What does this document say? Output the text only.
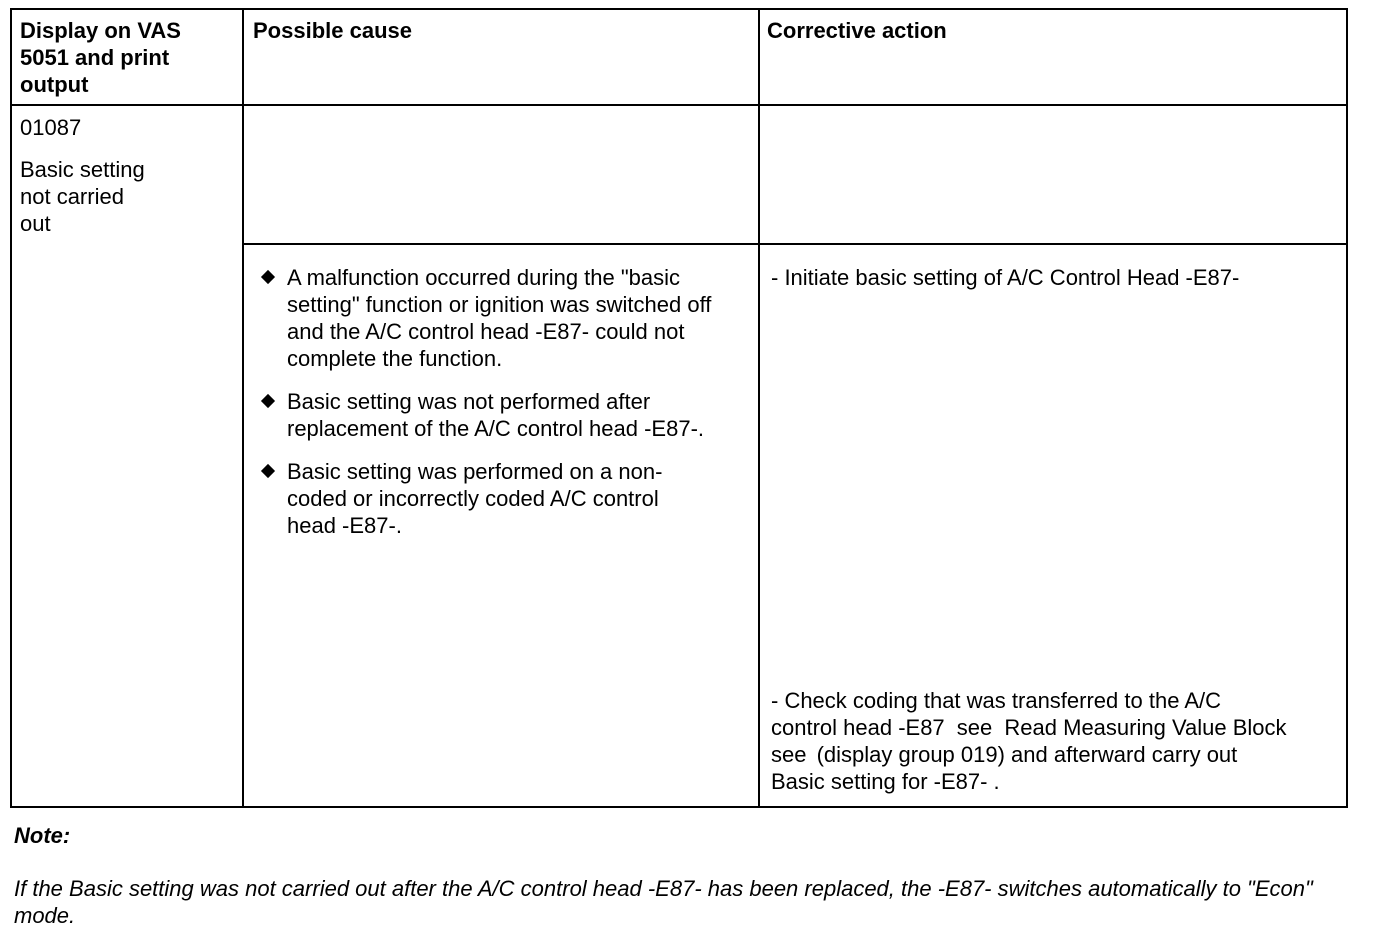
Display on VAS 5051 and print output
Possible cause	Corrective action
01087
Basic setting not carried out
A malfunction occurred during the "basic setting" function or ignition was switched off and the A/C control head -E87- could not complete the function.
Basic setting was not performed after replacement of the A/C control head -E87-.
Basic setting was performed on a non-coded or incorrectly coded A/C control head -E87-.
- Initiate basic setting of A/C Control Head -E87-
- Check coding that was transferred to the A/C
control head -E87 see Read Measuring Value Block
see (display group 019) and afterward carry out
Basic setting for -E87- .
Note:
If the Basic setting was not carried out after the A/C control head -E87- has been replaced, the -E87- switches automatically to "Econ" mode.
